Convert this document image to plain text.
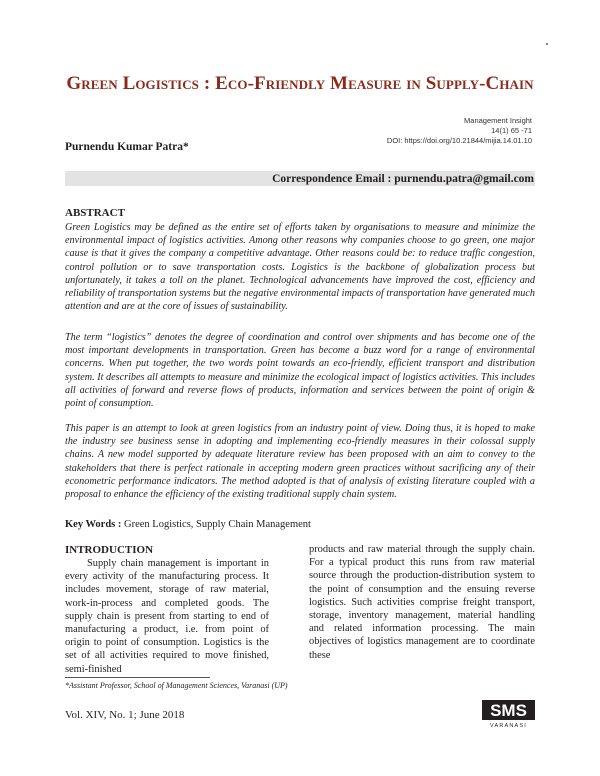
Green Logistics : Eco-Friendly Measure in Supply-Chain
Management Insight
14(1) 65 -71
DOI: https://doi.org/10.21844/mijia.14.01.10
Purnendu Kumar Patra*
Correspondence Email : purnendu.patra@gmail.com
ABSTRACT
Green Logistics may be defined as the entire set of efforts taken by organisations to measure and minimize the environmental impact of logistics activities. Among other reasons why companies choose to go green, one major cause is that it gives the company a competitive advantage. Other reasons could be: to reduce traffic congestion, control pollution or to save transportation costs. Logistics is the backbone of globalization process but unfortunately, it takes a toll on the planet. Technological advancements have improved the cost, efficiency and reliability of transportation systems but the negative environmental impacts of transportation have generated much attention and are at the core of issues of sustainability.
The term “logistics” denotes the degree of coordination and control over shipments and has become one of the most important developments in transportation. Green has become a buzz word for a range of environmental concerns. When put together, the two words point towards an eco-friendly, efficient transport and distribution system. It describes all attempts to measure and minimize the ecological impact of logistics activities. This includes all activities of forward and reverse flows of products, information and services between the point of origin & point of consumption.
This paper is an attempt to look at green logistics from an industry point of view. Doing thus, it is hoped to make the industry see business sense in adopting and implementing eco-friendly measures in their colossal supply chains. A new model supported by adequate literature review has been proposed with an aim to convey to the stakeholders that there is perfect rationale in accepting modern green practices without sacrificing any of their econometric performance indicators. The method adopted is that of analysis of existing literature coupled with a proposal to enhance the efficiency of the existing traditional supply chain system.
Key Words : Green Logistics, Supply Chain Management
INTRODUCTION
Supply chain management is important in every activity of the manufacturing process. It includes movement, storage of raw material, work-in-process and completed goods. The supply chain is present from starting to end of manufacturing a product, i.e. from point of origin to point of consumption. Logistics is the set of all activities required to move finished, semi-finished
products and raw material through the supply chain. For a typical product this runs from raw material source through the production-distribution system to the point of consumption and the ensuing reverse logistics. Such activities comprise freight transport, storage, inventory management, material handling and related information processing. The main objectives of logistics management are to coordinate these
*Assistant Professor, School of Management Sciences, Varanasi (UP)
Vol. XIV, No. 1; June 2018	SMS
VARANASI
